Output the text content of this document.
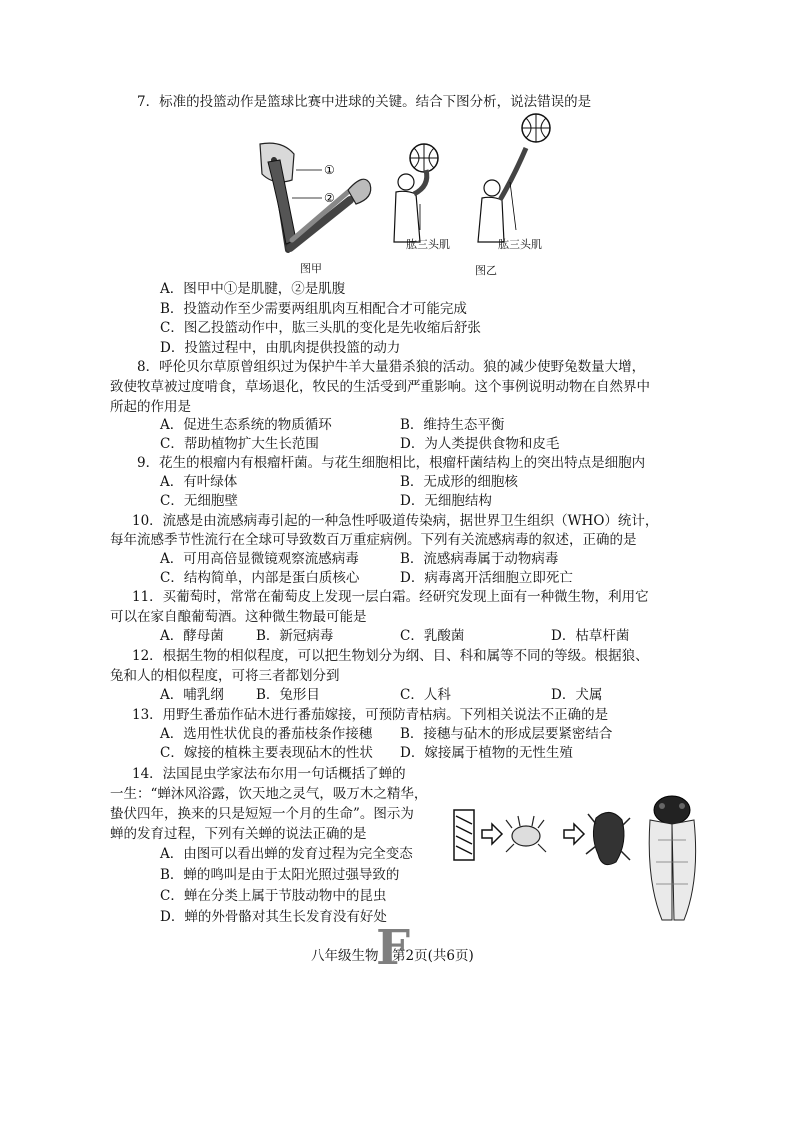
7．标准的投篮动作是篮球比赛中进球的关键。结合下图分析，说法错误的是
①
②
图甲
肱三头肌	肱三头肌
图乙
A．图甲中①是肌腱，②是肌腹
B．投篮动作至少需要两组肌肉互相配合才可能完成
C．图乙投篮动作中，肱三头肌的变化是先收缩后舒张
D．投篮过程中，由肌肉提供投篮的动力
8．呼伦贝尔草原曾组织过为保护牛羊大量猎杀狼的活动。狼的减少使野兔数量大增，
致使牧草被过度啃食，草场退化，牧民的生活受到严重影响。这个事例说明动物在自然界中
所起的作用是
A．促进生态系统的物质循环	B．维持生态平衡
C．帮助植物扩大生长范围	D．为人类提供食物和皮毛
9．花生的根瘤内有根瘤杆菌。与花生细胞相比，根瘤杆菌结构上的突出特点是细胞内
A．有叶绿体	B．无成形的细胞核
C．无细胞壁	D．无细胞结构
10．流感是由流感病毒引起的一种急性呼吸道传染病，据世界卫生组织（WHO）统计，
每年流感季节性流行在全球可导致数百万重症病例。下列有关流感病毒的叙述，正确的是
A．可用高倍显微镜观察流感病毒	B．流感病毒属于动物病毒
C．结构简单，内部是蛋白质核心	D．病毒离开活细胞立即死亡
11．买葡萄时，常常在葡萄皮上发现一层白霜。经研究发现上面有一种微生物，利用它
可以在家自酿葡萄酒。这种微生物最可能是
A．酵母菌 B．新冠病毒	C．乳酸菌	D．枯草杆菌
12．根据生物的相似程度，可以把生物划分为纲、目、科和属等不同的等级。根据狼、
兔和人的相似程度，可将三者都划分到
A．哺乳纲 B．兔形目	C．人科	D．犬属
13．用野生番茄作砧木进行番茄嫁接，可预防青枯病。下列相关说法不正确的是
A．选用性状优良的番茄枝条作接穗 B．接穗与砧木的形成层要紧密结合
C．嫁接的植株主要表现砧木的性状 D．嫁接属于植物的无性生殖
14．法国昆虫学家法布尔用一句话概括了蝉的
一生：“蝉沐风浴露，饮天地之灵气，吸万木之精华，
蛰伏四年，换来的只是短短一个月的生命”。图示为
蝉的发育过程，下列有关蝉的说法正确的是
A．由图可以看出蝉的发育过程为完全变态
B．蝉的鸣叫是由于太阳光照过强导致的
C．蝉在分类上属于节肢动物中的昆虫
D．蝉的外骨骼对其生长发育没有好处
八年级生物　第2页(共6页)
F
